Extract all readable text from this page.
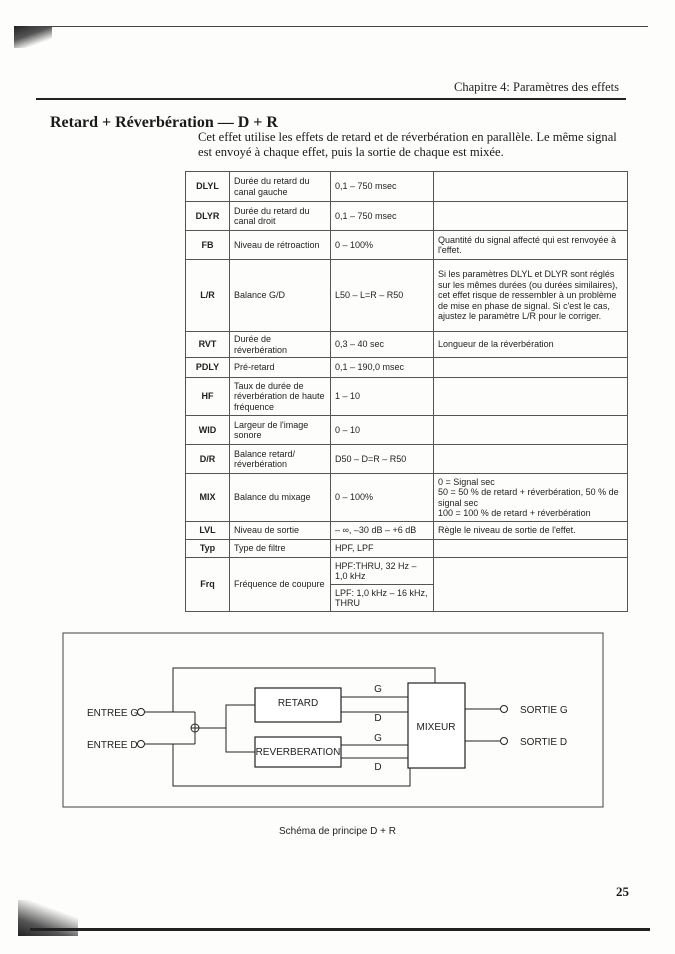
Chapitre 4: Paramètres des effets
Retard + Réverbération — D + R
Cet effet utilise les effets de retard et de réverbération en parallèle. Le même signal est envoyé à chaque effet, puis la sortie de chaque est mixée.
DLYL	Durée du retard du canal gauche	0,1 – 750 msec	
DLYR	Durée du retard du canal droit	0,1 – 750 msec	
FB	Niveau de rétroaction	0 – 100%	Quantité du signal affecté qui est renvoyée à l'effet.
L/R	Balance G/D	L50 – L=R – R50	Si les paramètres DLYL et DLYR sont réglés sur les mêmes durées (ou durées similaires), cet effet risque de ressembler à un problème de mise en phase de signal. Si c'est le cas, ajustez le paramètre L/R pour le corriger.
RVT	Durée de réverbération	0,3 – 40 sec	Longueur de la réverbération
PDLY	Pré-retard	0,1 – 190,0 msec	
HF	Taux de durée de réverbération de haute fréquence	1 – 10	
WID	Largeur de l'image sonore	0 – 10	
D/R	Balance retard/ réverbération	D50 – D=R – R50	
MIX	Balance du mixage	0 – 100%	0 = Signal sec
50 = 50 % de retard + réverbération, 50 % de signal sec
100 = 100 % de retard + réverbération

LVL	Niveau de sortie	– ∞, –30 dB – +6 dB	Règle le niveau de sortie de l'effet.
Typ	Type de filtre	HPF, LPF	
Frq	Fréquence de coupure	HPF:THRU, 32 Hz – 1,0 kHz	
		LPF: 1,0 kHz – 16 kHz, THRU	
ENTREE G
ENTREE D
RETARD
REVERBERATION
MIXEUR
SORTIE G
SORTIE D
G
D
G
D
Schéma de principe D + R
25
